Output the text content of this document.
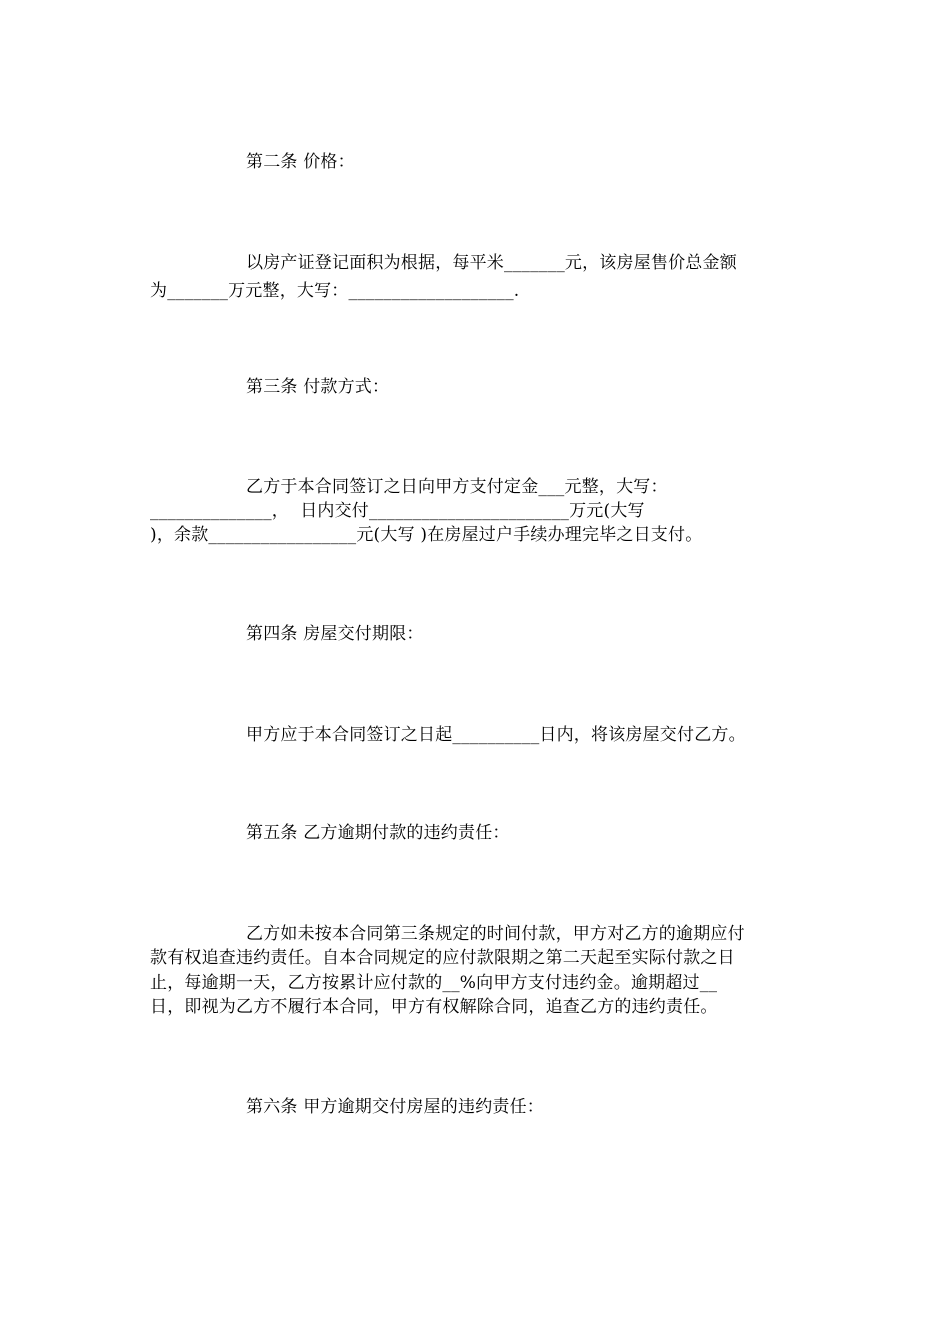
第二条 价格：
以房产证登记面积为根据，每平米_______元，该房屋售价总金额
为_______万元整，大写：___________________.
第三条 付款方式：
乙方于本合同签订之日向甲方支付定金___元整，大写：
______________，  日内交付_______________________万元(大写
)，余款_________________元(大写 )在房屋过户手续办理完毕之日支付。
第四条 房屋交付期限：
甲方应于本合同签订之日起__________日内，将该房屋交付乙方。
第五条 乙方逾期付款的违约责任：
乙方如未按本合同第三条规定的时间付款，甲方对乙方的逾期应付
款有权追查违约责任。自本合同规定的应付款限期之第二天起至实际付款之日
止，每逾期一天，乙方按累计应付款的__%向甲方支付违约金。逾期超过__
日，即视为乙方不履行本合同，甲方有权解除合同，追查乙方的违约责任。
第六条 甲方逾期交付房屋的违约责任：
